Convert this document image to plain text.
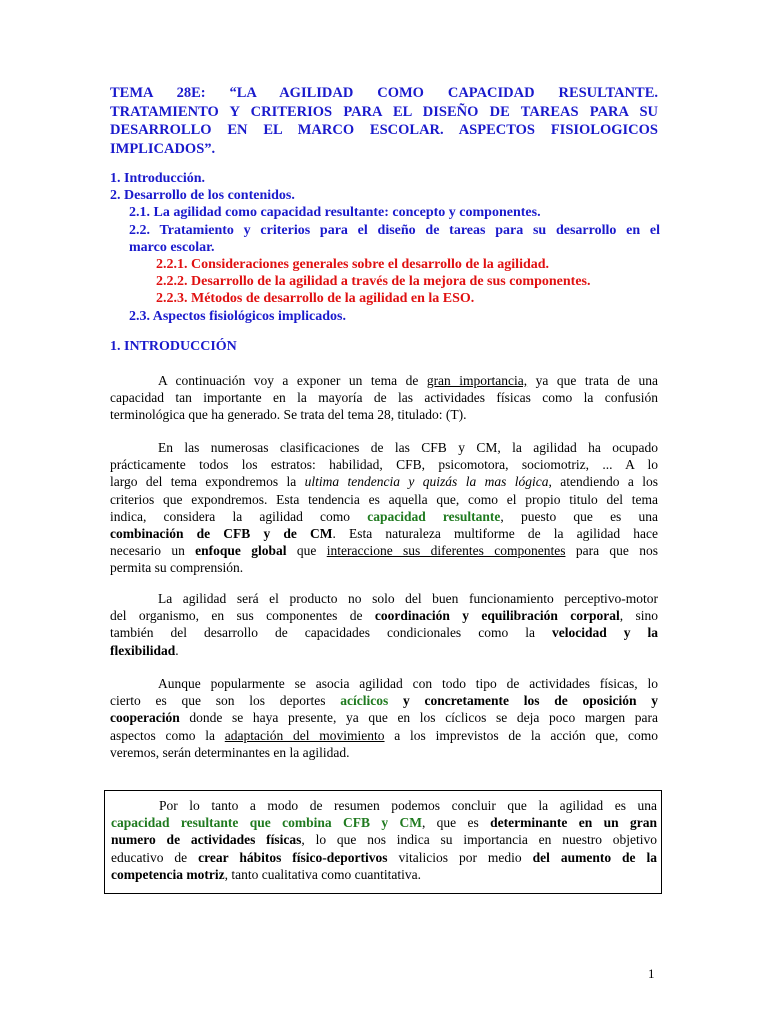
TEMA 28E: “LA AGILIDAD COMO CAPACIDAD RESULTANTE.
TRATAMIENTO Y CRITERIOS PARA EL DISEÑO DE TAREAS PARA SU
DESARROLLO EN EL MARCO ESCOLAR. ASPECTOS FISIOLOGICOS
IMPLICADOS”.
1. Introducción.
2. Desarrollo de los contenidos.
2.1. La agilidad como capacidad resultante: concepto y componentes.
2.2. Tratamiento y criterios para el diseño de tareas para su desarrollo en el
marco escolar.
2.2.1. Consideraciones generales sobre el desarrollo de la agilidad.
2.2.2. Desarrollo de la agilidad a través de la mejora de sus componentes.
2.2.3. Métodos de desarrollo de la agilidad en la ESO.
2.3. Aspectos fisiológicos implicados.
1. INTRODUCCIÓN
A continuación voy a exponer un tema de gran importancia, ya que trata de una
capacidad tan importante en la mayoría de las actividades físicas como la confusión
terminológica que ha generado. Se trata del tema 28, titulado: (T).
En las numerosas clasificaciones de las CFB y CM, la agilidad ha ocupado
prácticamente todos los estratos: habilidad, CFB, psicomotora, sociomotriz, ... A lo
largo del tema expondremos la ultima tendencia y quizás la mas lógica, atendiendo a los
criterios que expondremos. Esta tendencia es aquella que, como el propio titulo del tema
indica, considera la agilidad como capacidad resultante, puesto que es una
combinación de CFB y de CM. Esta naturaleza multiforme de la agilidad hace
necesario un enfoque global que interaccione sus diferentes componentes para que nos
permita su comprensión.
La agilidad será el producto no solo del buen funcionamiento perceptivo-motor
del organismo, en sus componentes de coordinación y equilibración corporal, sino
también del desarrollo de capacidades condicionales como la velocidad y la
flexibilidad.
Aunque popularmente se asocia agilidad con todo tipo de actividades físicas, lo
cierto es que son los deportes acíclicos y concretamente los de oposición y
cooperación donde se haya presente, ya que en los cíclicos se deja poco margen para
aspectos como la adaptación del movimiento a los imprevistos de la acción que, como
veremos, serán determinantes en la agilidad.
Por lo tanto a modo de resumen podemos concluir que la agilidad es una
capacidad resultante que combina CFB y CM, que es determinante en un gran
numero de actividades físicas, lo que nos indica su importancia en nuestro objetivo
educativo de crear hábitos físico-deportivos vitalicios por medio del aumento de la
competencia motriz, tanto cualitativa como cuantitativa.
1
